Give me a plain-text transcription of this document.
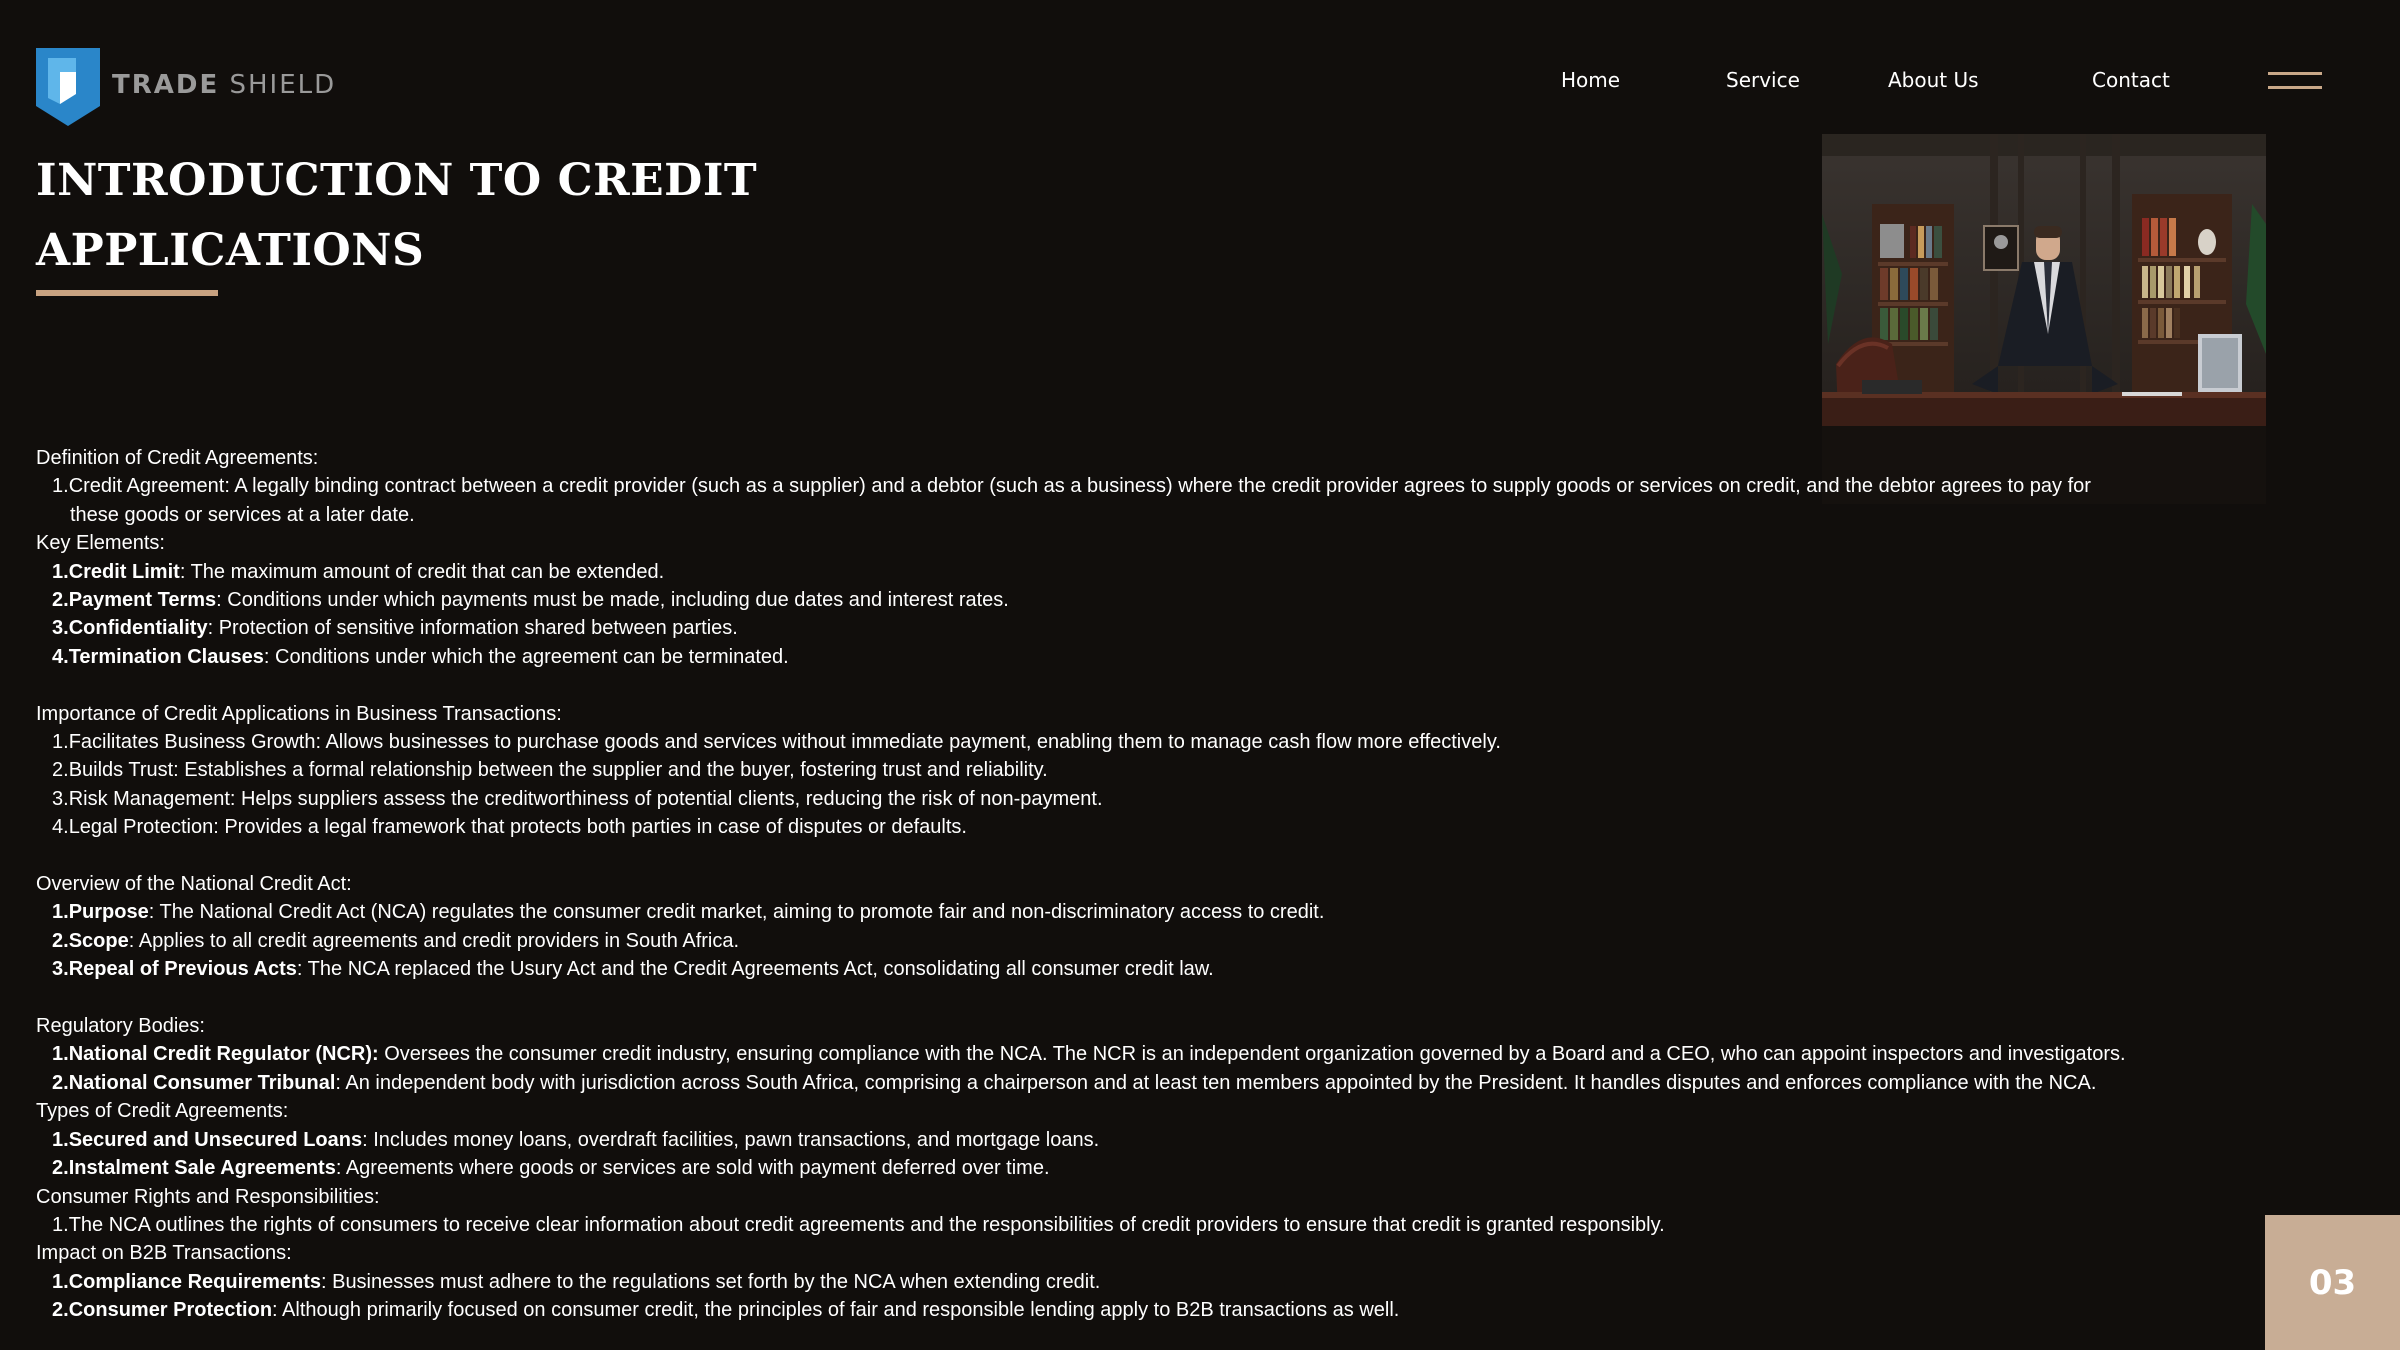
TRADE SHIELD	Home	Service	About Us	Contact
INTRODUCTION TO CREDIT
APPLICATIONS
Definition of Credit Agreements:
1.Credit Agreement: A legally binding contract between a credit provider (such as a supplier) and a debtor (such as a business) where the credit provider agrees to supply goods or services on credit, and the debtor agrees to pay for
these goods or services at a later date.
Key Elements:
1.Credit Limit: The maximum amount of credit that can be extended.
2.Payment Terms: Conditions under which payments must be made, including due dates and interest rates.
3.Confidentiality: Protection of sensitive information shared between parties.
4.Termination Clauses: Conditions under which the agreement can be terminated.
Importance of Credit Applications in Business Transactions:
1.Facilitates Business Growth: Allows businesses to purchase goods and services without immediate payment, enabling them to manage cash flow more effectively.
2.Builds Trust: Establishes a formal relationship between the supplier and the buyer, fostering trust and reliability.
3.Risk Management: Helps suppliers assess the creditworthiness of potential clients, reducing the risk of non-payment.
4.Legal Protection: Provides a legal framework that protects both parties in case of disputes or defaults.
Overview of the National Credit Act:
1.Purpose: The National Credit Act (NCA) regulates the consumer credit market, aiming to promote fair and non-discriminatory access to credit.
2.Scope: Applies to all credit agreements and credit providers in South Africa.
3.Repeal of Previous Acts: The NCA replaced the Usury Act and the Credit Agreements Act, consolidating all consumer credit law.
Regulatory Bodies:
1.National Credit Regulator (NCR): Oversees the consumer credit industry, ensuring compliance with the NCA. The NCR is an independent organization governed by a Board and a CEO, who can appoint inspectors and investigators.
2.National Consumer Tribunal: An independent body with jurisdiction across South Africa, comprising a chairperson and at least ten members appointed by the President. It handles disputes and enforces compliance with the NCA.
Types of Credit Agreements:
1.Secured and Unsecured Loans: Includes money loans, overdraft facilities, pawn transactions, and mortgage loans.
2.Instalment Sale Agreements: Agreements where goods or services are sold with payment deferred over time.
Consumer Rights and Responsibilities:
1.The NCA outlines the rights of consumers to receive clear information about credit agreements and the responsibilities of credit providers to ensure that credit is granted responsibly.
Impact on B2B Transactions:
1.Compliance Requirements: Businesses must adhere to the regulations set forth by the NCA when extending credit.
2.Consumer Protection: Although primarily focused on consumer credit, the principles of fair and responsible lending apply to B2B transactions as well.
03
